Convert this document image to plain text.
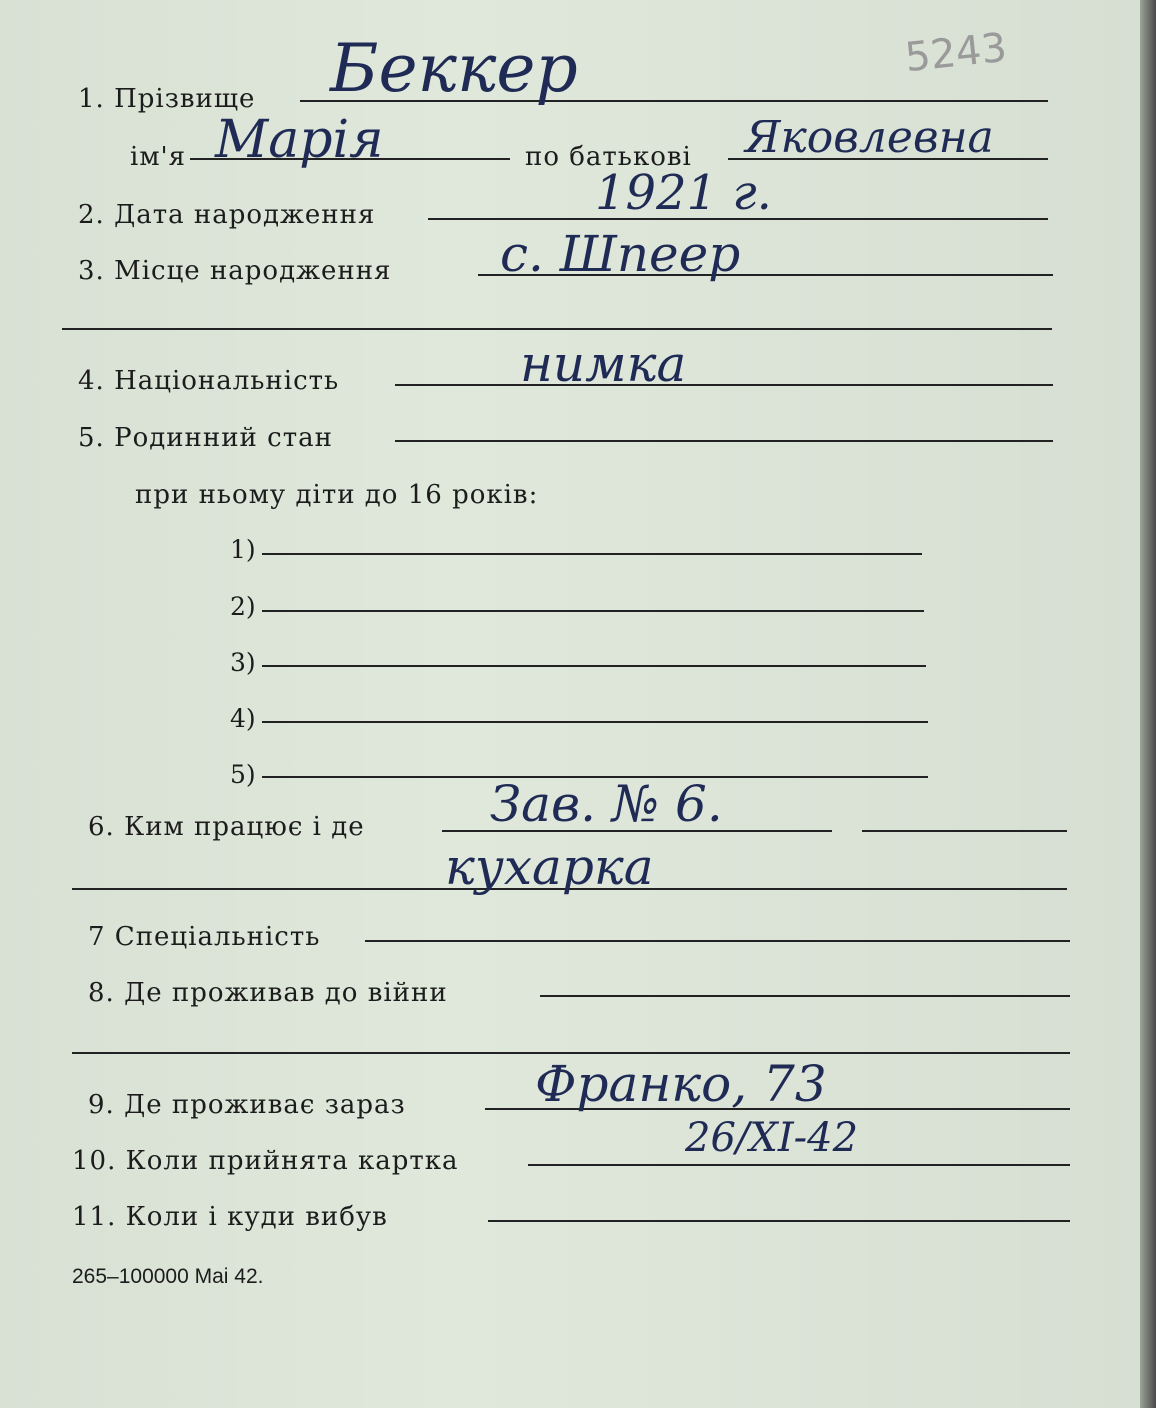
5243
1. Прізвище Беккер
ім'я Марія	по батькові Яковлевна
2. Дата народження	1921 г.
3. Місце народження с. Шпеер
4. Національність	нимка
5. Родинний стан
при ньому діти до 16 років:
1)
2)
3)
4)
5)
6. Ким працює і де	Зав. № 6.
кухарка
7 Спеціальність
8. Де проживав до війни
9. Де проживає зараз	Франко, 73
10. Коли прийнята картка	26/XI-42
11. Коли і куди вибув
265–100000 Mai 42.
